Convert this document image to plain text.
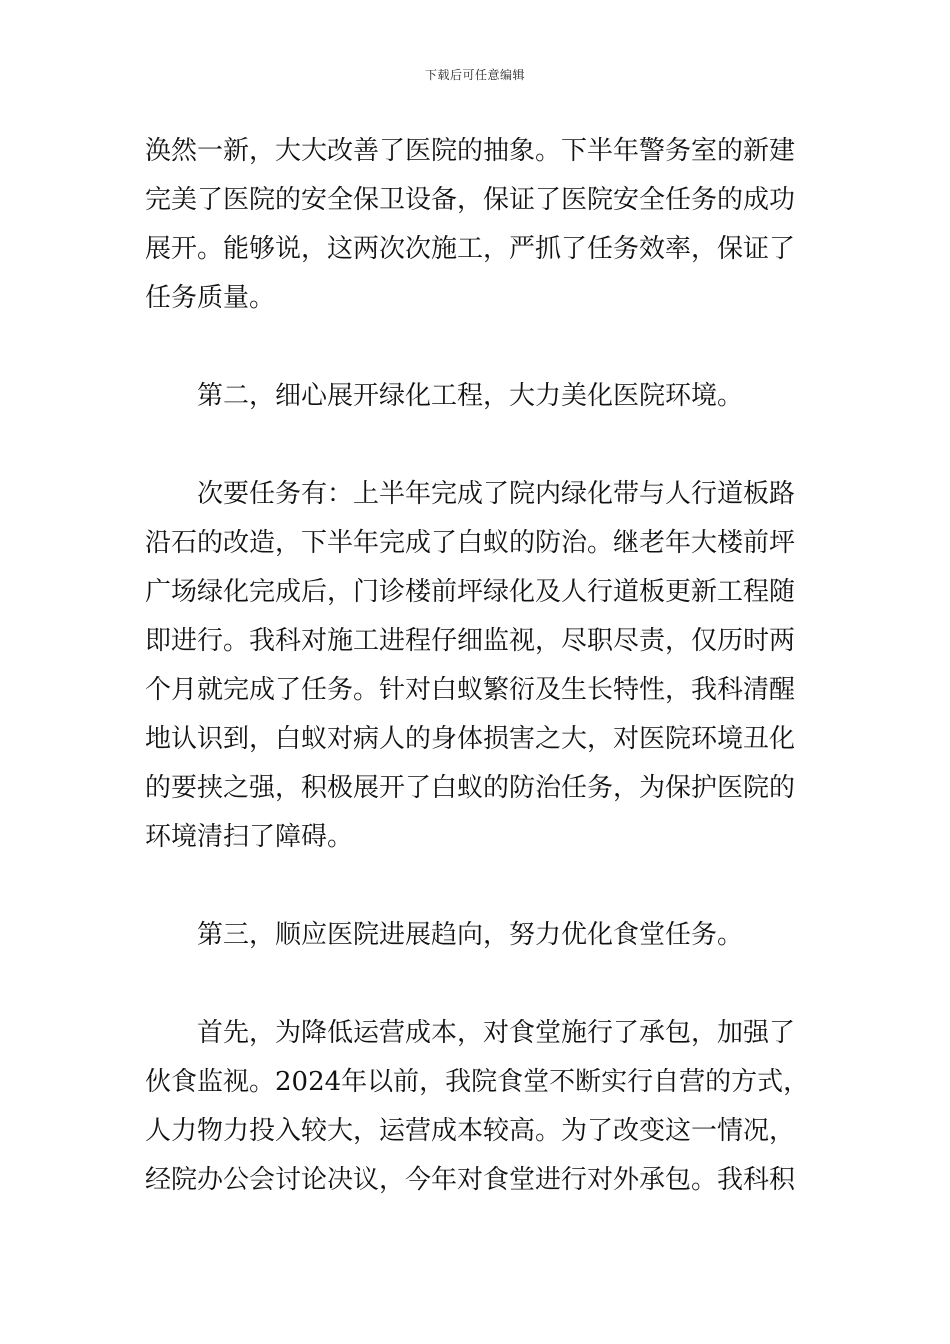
下载后可任意编辑
涣然一新，大大改善了医院的抽象。下半年警务室的新建
完美了医院的安全保卫设备，保证了医院安全任务的成功
展开。能够说，这两次次施工，严抓了任务效率，保证了
任务质量。
第二，细心展开绿化工程，大力美化医院环境。
次要任务有：上半年完成了院内绿化带与人行道板路
沿石的改造，下半年完成了白蚁的防治。继老年大楼前坪
广场绿化完成后，门诊楼前坪绿化及人行道板更新工程随
即进行。我科对施工进程仔细监视，尽职尽责，仅历时两
个月就完成了任务。针对白蚁繁衍及生长特性，我科清醒
地认识到，白蚁对病人的身体损害之大，对医院环境丑化
的要挟之强，积极展开了白蚁的防治任务，为保护医院的
环境清扫了障碍。
第三，顺应医院进展趋向，努力优化食堂任务。
首先，为降低运营成本，对食堂施行了承包，加强了
伙食监视。2024年以前，我院食堂不断实行自营的方式，
人力物力投入较大，运营成本较高。为了改变这一情况，
经院办公会讨论决议，今年对食堂进行对外承包。我科积
